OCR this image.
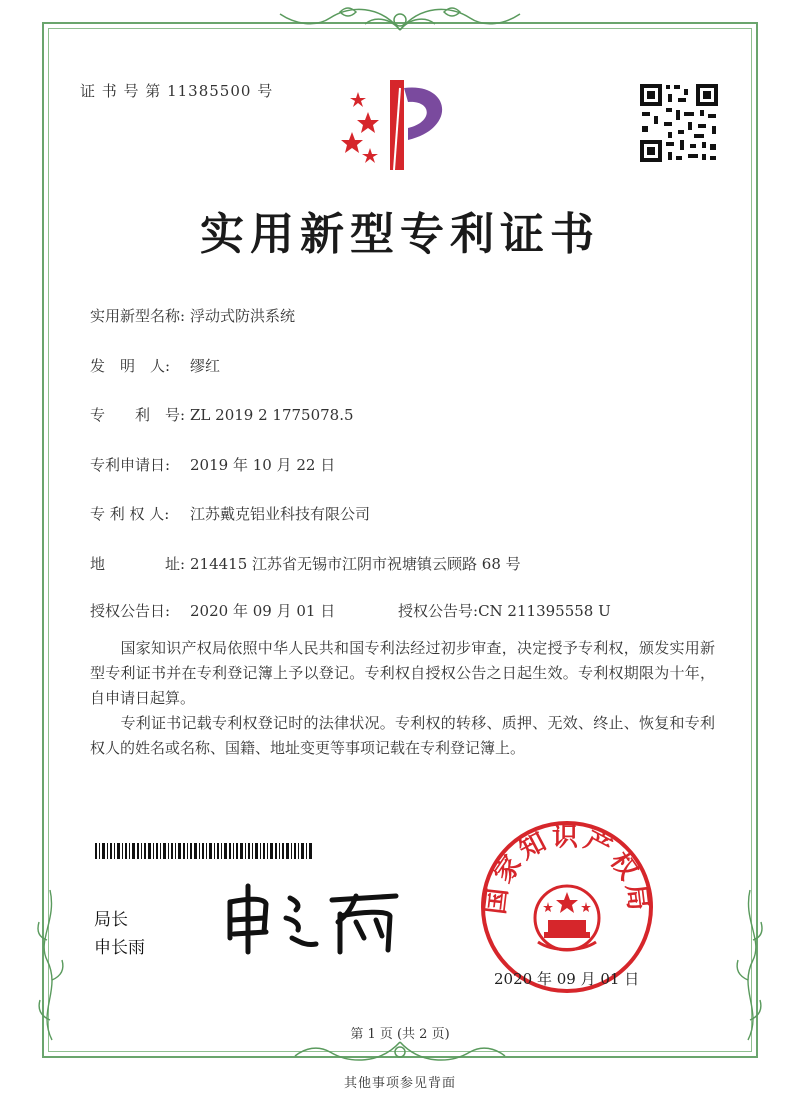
证 书 号 第 11385500 号
实用新型专利证书
实用新型名称: 浮动式防洪系统
发　明　人: 缪红
专　　利　号: ZL 2019 2 1775078.5
专利申请日: 2019 年 10 月 22 日
专 利 权 人: 江苏戴克铝业科技有限公司
地　　　　址: 214415 江苏省无锡市江阴市祝塘镇云顾路 68 号
授权公告日: 2020 年 09 月 01 日	授权公告号:CN 211395558 U
　　国家知识产权局依照中华人民共和国专利法经过初步审查，决定授予专利权，颁发实用新型专利证书并在专利登记簿上予以登记。专利权自授权公告之日起生效。专利权期限为十年，自申请日起算。
　　专利证书记载专利权登记时的法律状况。专利权的转移、质押、无效、终止、恢复和专利权人的姓名或名称、国籍、地址变更等事项记载在专利登记簿上。
局长
申长雨
国家知识产权局
2020 年 09 月 01 日
第 1 页 (共 2 页)
其他事项参见背面
